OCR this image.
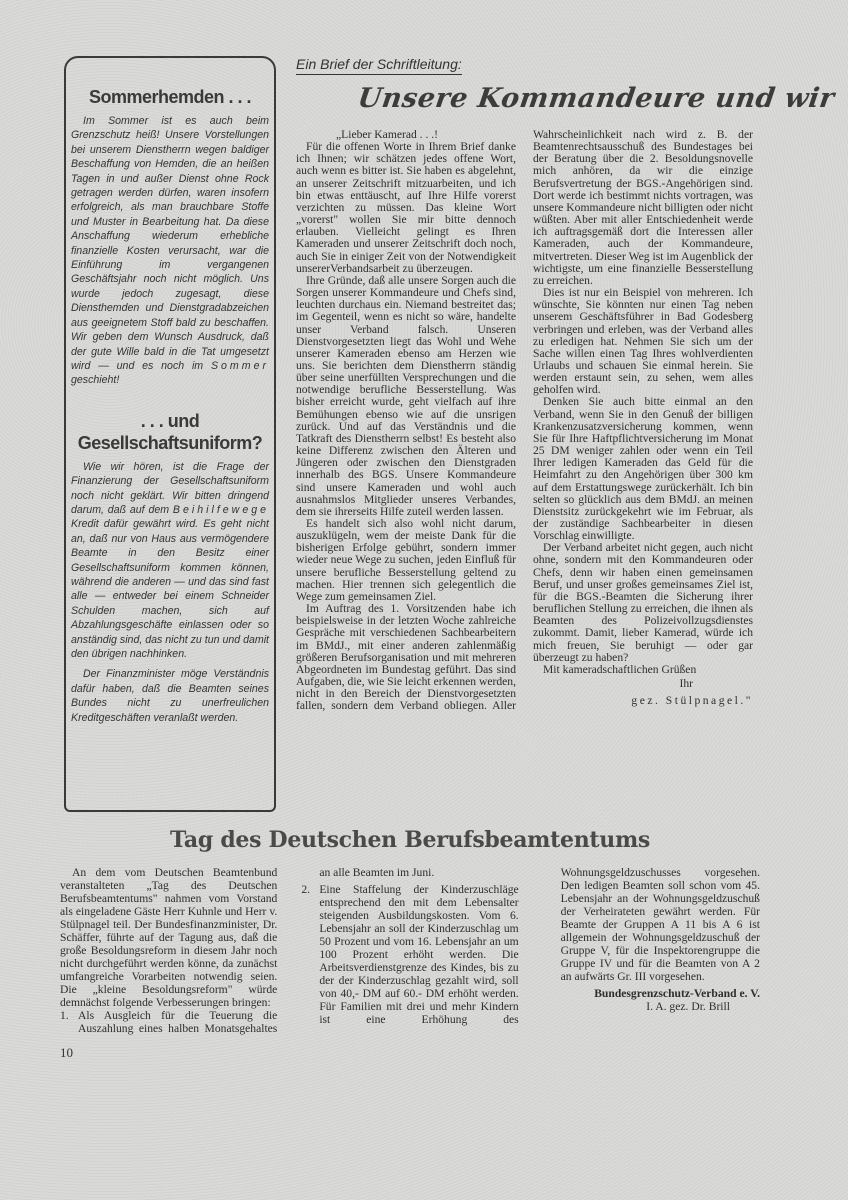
Sommerhemden . . .

Im Sommer ist es auch beim Grenzschutz heiß! Unsere Vorstellungen bei unserem Dienstherrn wegen baldiger Beschaffung von Hemden, die an heißen Tagen in und außer Dienst ohne Rock getragen werden dürfen, waren insofern erfolgreich, als man brauchbare Stoffe und Muster in Bearbeitung hat. Da diese Anschaffung wiederum erhebliche finanzielle Kosten verursacht, war die Einführung im vergangenen Geschäftsjahr noch nicht möglich. Uns wurde jedoch zugesagt, diese Diensthemden und Dienstgradabzeichen aus geeignetem Stoff bald zu beschaffen. Wir geben dem Wunsch Ausdruck, daß der gute Wille bald in die Tat umgesetzt wird — und es noch im Sommer geschieht!

. . . und Gesellschaftsuniform?

Wie wir hören, ist die Frage der Finanzierung der Gesellschaftsuniform noch nicht geklärt. Wir bitten dringend darum, daß auf dem Beihilfewege Kredit dafür gewährt wird. Es geht nicht an, daß nur von Haus aus vermögendere Beamte in den Besitz einer Gesellschaftsuniform kommen können, während die anderen — und das sind fast alle — entweder bei einem Schneider Schulden machen, sich auf Abzahlungsgeschäfte einlassen oder so anständig sind, das nicht zu tun und damit den übrigen nachhinken.

Der Finanzminister möge Verständnis dafür haben, daß die Beamten seines Bundes nicht zu unerfreulichen Kreditgeschäften veranlaßt werden.

Ein Brief der Schriftleitung:
Unsere Kommandeure und wir

„Lieber Kamerad . . .!

Für die offenen Worte in Ihrem Brief danke ich Ihnen; wir schätzen jedes offene Wort, auch wenn es bitter ist. Sie haben es abgelehnt, an unserer Zeitschrift mitzuarbeiten, und ich bin etwas enttäuscht, auf Ihre Hilfe vorerst verzichten zu müssen. Das kleine Wort „vorerst" wollen Sie mir bitte dennoch erlauben. Vielleicht gelingt es Ihren Kameraden und unserer Zeitschrift doch noch, auch Sie in einiger Zeit von der Notwendigkeit unsererVerbandsarbeit zu überzeugen.

Ihre Gründe, daß alle unsere Sorgen auch die Sorgen unserer Kommandeure und Chefs sind, leuchten durchaus ein. Niemand bestreitet das; im Gegenteil, wenn es nicht so wäre, handelte unser Verband falsch. Unseren Dienstvorgesetzten liegt das Wohl und Wehe unserer Kameraden ebenso am Herzen wie uns. Sie berichten dem Dienstherrn ständig über seine unerfüllten Versprechungen und die notwendige berufliche Besserstellung. Was bisher erreicht wurde, geht vielfach auf ihre Bemühungen ebenso wie auf die unsrigen zurück. Und auf das Verständnis und die Tatkraft des Dienstherrn selbst! Es besteht also keine Differenz zwischen den Älteren und Jüngeren oder zwischen den Dienstgraden innerhalb des BGS. Unsere Kommandeure sind unsere Kameraden und wohl auch ausnahmslos Mitglieder unseres Verbandes, dem sie ihrerseits Hilfe zuteil werden lassen.

Es handelt sich also wohl nicht darum, auszuklügeln, wem der meiste Dank für die bisherigen Erfolge gebührt, sondern immer wieder neue Wege zu suchen, jeden Einfluß für unsere berufliche Besserstellung geltend zu machen. Hier trennen sich gelegentlich die Wege zum gemeinsamen Ziel.

Im Auftrag des 1. Vorsitzenden habe ich beispielsweise in der letzten Woche zahlreiche Gespräche mit verschiedenen Sachbearbeitern im BMdJ., mit einer anderen zahlenmäßig größeren Berufsorganisation und mit mehreren Abgeordneten im Bundestag geführt. Das sind Aufgaben, die, wie Sie leicht erkennen werden, nicht in den Bereich der Dienstvorgesetzten fallen, sondern dem Verband obliegen. Aller Wahrscheinlichkeit nach wird z. B. der Beamtenrechtsausschuß des Bundestages bei der Beratung über die 2. Besoldungsnovelle mich anhören, da wir die einzige Berufsvertretung der BGS.-Angehörigen sind. Dort werde ich bestimmt nichts vortragen, was unsere Kommandeure nicht billigten oder nicht wüßten. Aber mit aller Entschiedenheit werde ich auftragsgemäß dort die Interessen aller Kameraden, auch der Kommandeure, mitvertreten. Dieser Weg ist im Augenblick der wichtigste, um eine finanzielle Besserstellung zu erreichen.

Dies ist nur ein Beispiel von mehreren. Ich wünschte, Sie könnten nur einen Tag neben unserem Geschäftsführer in Bad Godesberg verbringen und erleben, was der Verband alles zu erledigen hat. Nehmen Sie sich um der Sache willen einen Tag Ihres wohlverdienten Urlaubs und schauen Sie einmal herein. Sie werden erstaunt sein, zu sehen, wem alles geholfen wird.

Denken Sie auch bitte einmal an den Verband, wenn Sie in den Genuß der billigen Krankenzusatzversicherung kommen, wenn Sie für Ihre Haftpflichtversicherung im Monat 25 DM weniger zahlen oder wenn ein Teil Ihrer ledigen Kameraden das Geld für die Heimfahrt zu den Angehörigen über 300 km auf dem Erstattungswege zurückerhält. Ich bin selten so glücklich aus dem BMdJ. an meinen Dienstsitz zurückgekehrt wie im Februar, als der zuständige Sachbearbeiter in diesen Vorschlag einwilligte.

Der Verband arbeitet nicht gegen, auch nicht ohne, sondern mit den Kommandeuren oder Chefs, denn wir haben einen gemeinsamen Beruf, und unser großes gemeinsames Ziel ist, für die BGS.-Beamten die Sicherung ihrer beruflichen Stellung zu erreichen, die ihnen als Beamten des Polizeivollzugsdienstes zukommt. Damit, lieber Kamerad, würde ich mich freuen, Sie beruhigt — oder gar überzeugt zu haben?

Mit kameradschaftlichen Grüßen

Ihr

gez. Stülpnagel."

Tag des Deutschen Berufsbeamtentums

An dem vom Deutschen Beamtenbund veranstalteten „Tag des Deutschen Berufsbeamtentums" nahmen vom Vorstand als eingeladene Gäste Herr Kuhnle und Herr v. Stülpnagel teil. Der Bundesfinanzminister, Dr. Schäffer, führte auf der Tagung aus, daß die große Besoldungsreform in diesem Jahr noch nicht durchgeführt werden könne, da zunächst umfangreiche Vorarbeiten notwendig seien. Die „kleine Besoldungsreform" würde demnächst folgende Verbesserungen bringen:

1. Als Ausgleich für die Teuerung die Auszahlung eines halben Monatsgehaltes an alle Beamten im Juni.
2. Eine Staffelung der Kinderzuschläge entsprechend den mit dem Lebensalter steigenden Ausbildungskosten. Vom 6. Lebensjahr an soll der Kinderzuschlag um 50 Prozent und vom 16. Lebensjahr an um 100 Prozent erhöht werden. Die Arbeitsverdienstgrenze des Kindes, bis zu der der Kinderzuschlag gezahlt wird, soll von 40,- DM auf 60.- DM erhöht werden. Für Familien mit drei und mehr Kindern ist eine Erhöhung des Wohnungsgeldzuschusses vorgesehen. Den ledigen Beamten soll schon vom 45. Lebensjahr an der Wohnungsgeldzuschuß der Verheirateten gewährt werden. Für Beamte der Gruppen A 11 bis A 6 ist allgemein der Wohnungsgeldzuschuß der Gruppe V, für die Inspektorengruppe die Gruppe IV und für die Beamten von A 2 an aufwärts Gr. III vorgesehen.

Bundesgrenzschutz-Verband e. V.

I. A. gez. Dr. Brill

10
